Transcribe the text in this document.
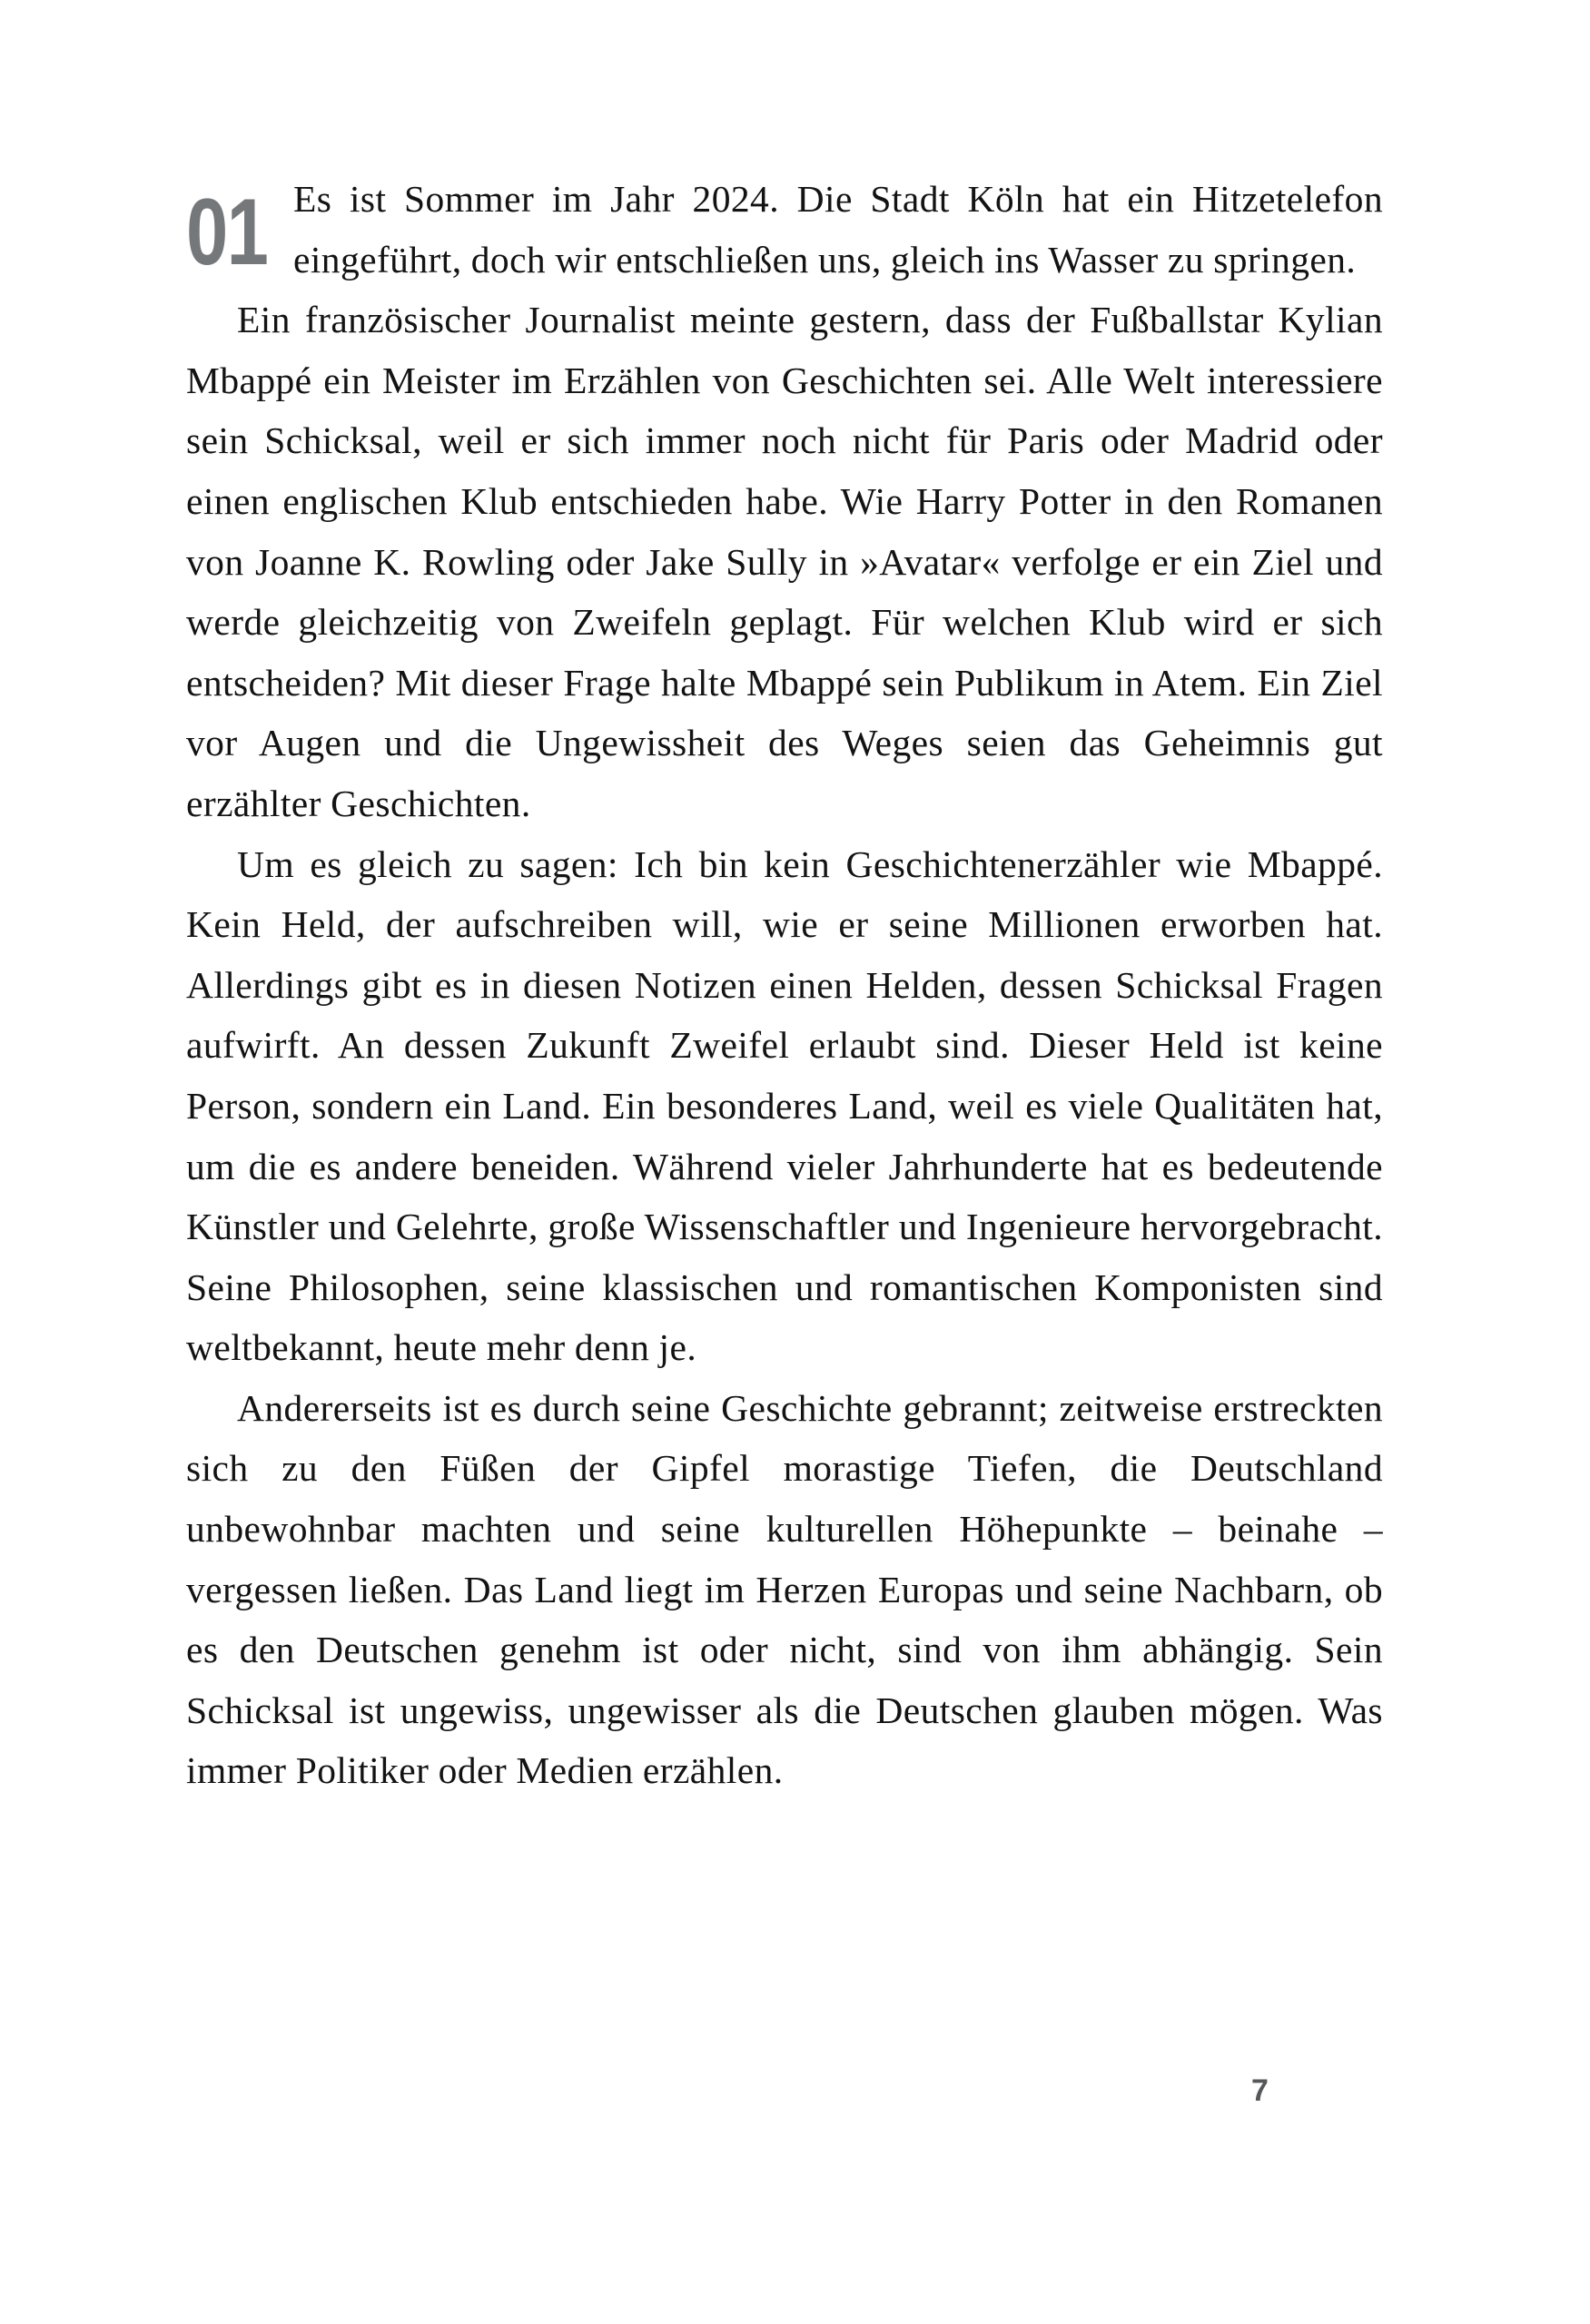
01 Es ist Sommer im Jahr 2024. Die Stadt Köln hat ein Hitzetelefon eingeführt, doch wir entschließen uns, gleich ins Wasser zu springen.

Ein französischer Journalist meinte gestern, dass der Fußballstar Kylian Mbappé ein Meister im Erzählen von Geschichten sei. Alle Welt interessiere sein Schicksal, weil er sich immer noch nicht für Paris oder Madrid oder einen englischen Klub entschieden habe. Wie Harry Potter in den Romanen von Joanne K. Rowling oder Jake Sully in »Avatar« verfolge er ein Ziel und werde gleichzeitig von Zweifeln geplagt. Für welchen Klub wird er sich entscheiden? Mit dieser Frage halte Mbappé sein Publikum in Atem. Ein Ziel vor Augen und die Ungewissheit des Weges seien das Geheimnis gut erzählter Geschichten.

Um es gleich zu sagen: Ich bin kein Geschichtenerzähler wie Mbappé. Kein Held, der aufschreiben will, wie er seine Millionen erworben hat. Allerdings gibt es in diesen Notizen einen Helden, dessen Schicksal Fragen aufwirft. An dessen Zukunft Zweifel erlaubt sind. Dieser Held ist keine Person, sondern ein Land. Ein besonderes Land, weil es viele Qualitäten hat, um die es andere beneiden. Während vieler Jahrhunderte hat es bedeutende Künstler und Gelehrte, große Wissenschaftler und Ingenieure hervorgebracht. Seine Philosophen, seine klassischen und romantischen Komponisten sind weltbekannt, heute mehr denn je.

Andererseits ist es durch seine Geschichte gebrannt; zeitweise erstreckten sich zu den Füßen der Gipfel morastige Tiefen, die Deutschland unbewohnbar machten und seine kulturellen Höhepunkte – beinahe – vergessen ließen. Das Land liegt im Herzen Europas und seine Nachbarn, ob es den Deutschen genehm ist oder nicht, sind von ihm abhängig. Sein Schicksal ist ungewiss, ungewisser als die Deutschen glauben mögen. Was immer Politiker oder Medien erzählen.

7
